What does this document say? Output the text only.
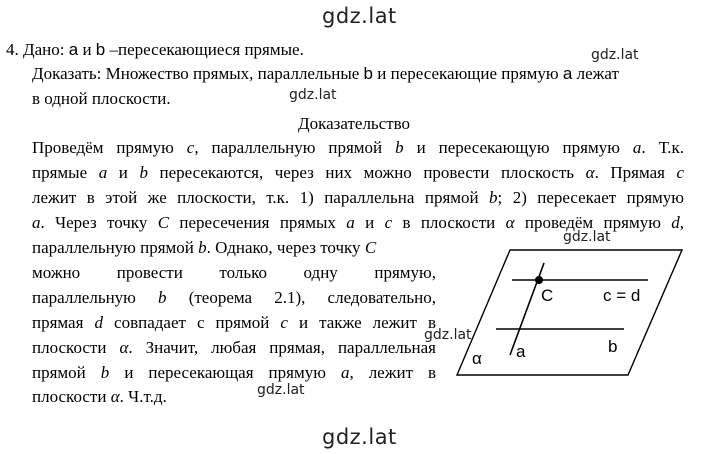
gdz.lat
gdz.lat
gdz.lat
gdz.lat
gdz.lat
gdz.lat
gdz.lat
4. Дано: a и b –пересекающиеся прямые.
Доказать: Множество прямых, параллельные b и пересекающие прямую a лежат
в одной плоскости.
Доказательство
Проведём прямую c, параллельную прямой b и пересекающую прямую a. Т.к.
прямые a и b пересекаются, через них можно провести плоскость α. Прямая c
лежит в этой же плоскости, т.к. 1) параллельна прямой b; 2) пересекает прямую
a. Через точку C пересечения прямых a и c в плоскости α проведём прямую d,
параллельную прямой b. Однако, через точку C
можно провести только одну прямую,
параллельную b (теорема 2.1), следовательно,
прямая d совпадает с прямой c и также лежит в
плоскости α. Значит, любая прямая, параллельная
прямой b и пересекающая прямую a, лежит в
плоскости α. Ч.т.д.
C	c = d
a	b
α
